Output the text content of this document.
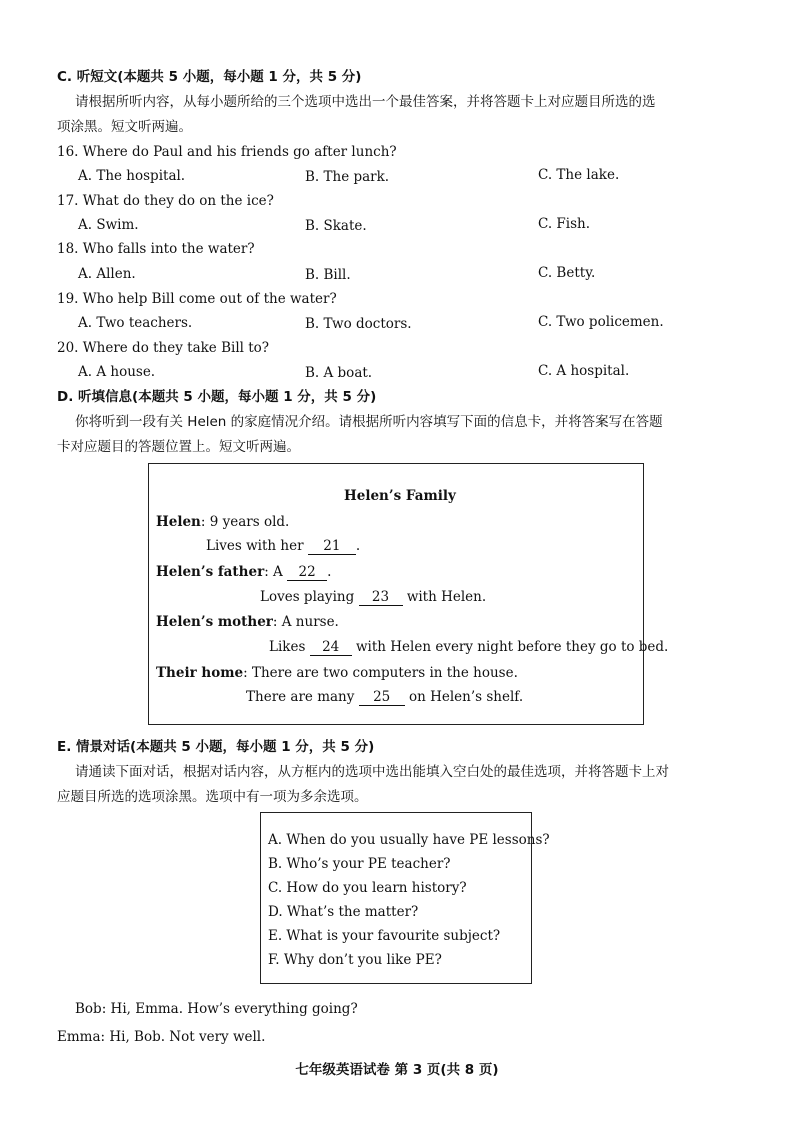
C. 听短文(本题共 5 小题，每小题 1 分，共 5 分)
请根据所听内容，从每小题所给的三个选项中选出一个最佳答案，并将答题卡上对应题目所选的选
项涂黑。短文听两遍。
16. Where do Paul and his friends go after lunch?
A. The hospital.	B. The park.	C. The lake.
17. What do they do on the ice?
A. Swim.	B. Skate.	C. Fish.
18. Who falls into the water?
A. Allen.	B. Bill.	C. Betty.
19. Who help Bill come out of the water?
A. Two teachers.	B. Two doctors.	C. Two policemen.
20. Where do they take Bill to?
A. A house.	B. A boat.	C. A hospital.
D. 听填信息(本题共 5 小题，每小题 1 分，共 5 分)
你将听到一段有关 Helen 的家庭情况介绍。请根据所听内容填写下面的信息卡，并将答案写在答题
卡对应题目的答题位置上。短文听两遍。
Helen’s Family
Helen: 9 years old.
Lives with her 21 .
Helen’s father: A 22 .
Loves playing 23 with Helen.
Helen’s mother: A nurse.
Likes 24 with Helen every night before they go to bed.
Their home: There are two computers in the house.
There are many 25 on Helen’s shelf.
E. 情景对话(本题共 5 小题，每小题 1 分，共 5 分)
请通读下面对话，根据对话内容，从方框内的选项中选出能填入空白处的最佳选项，并将答题卡上对
应题目所选的选项涂黑。选项中有一项为多余选项。
A. When do you usually have PE lessons?
B. Who’s your PE teacher?
C. How do you learn history?
D. What’s the matter?
E. What is your favourite subject?
F. Why don’t you like PE?
Bob: Hi, Emma. How’s everything going?
Emma: Hi, Bob. Not very well.
七年级英语试卷 第 3 页(共 8 页)
